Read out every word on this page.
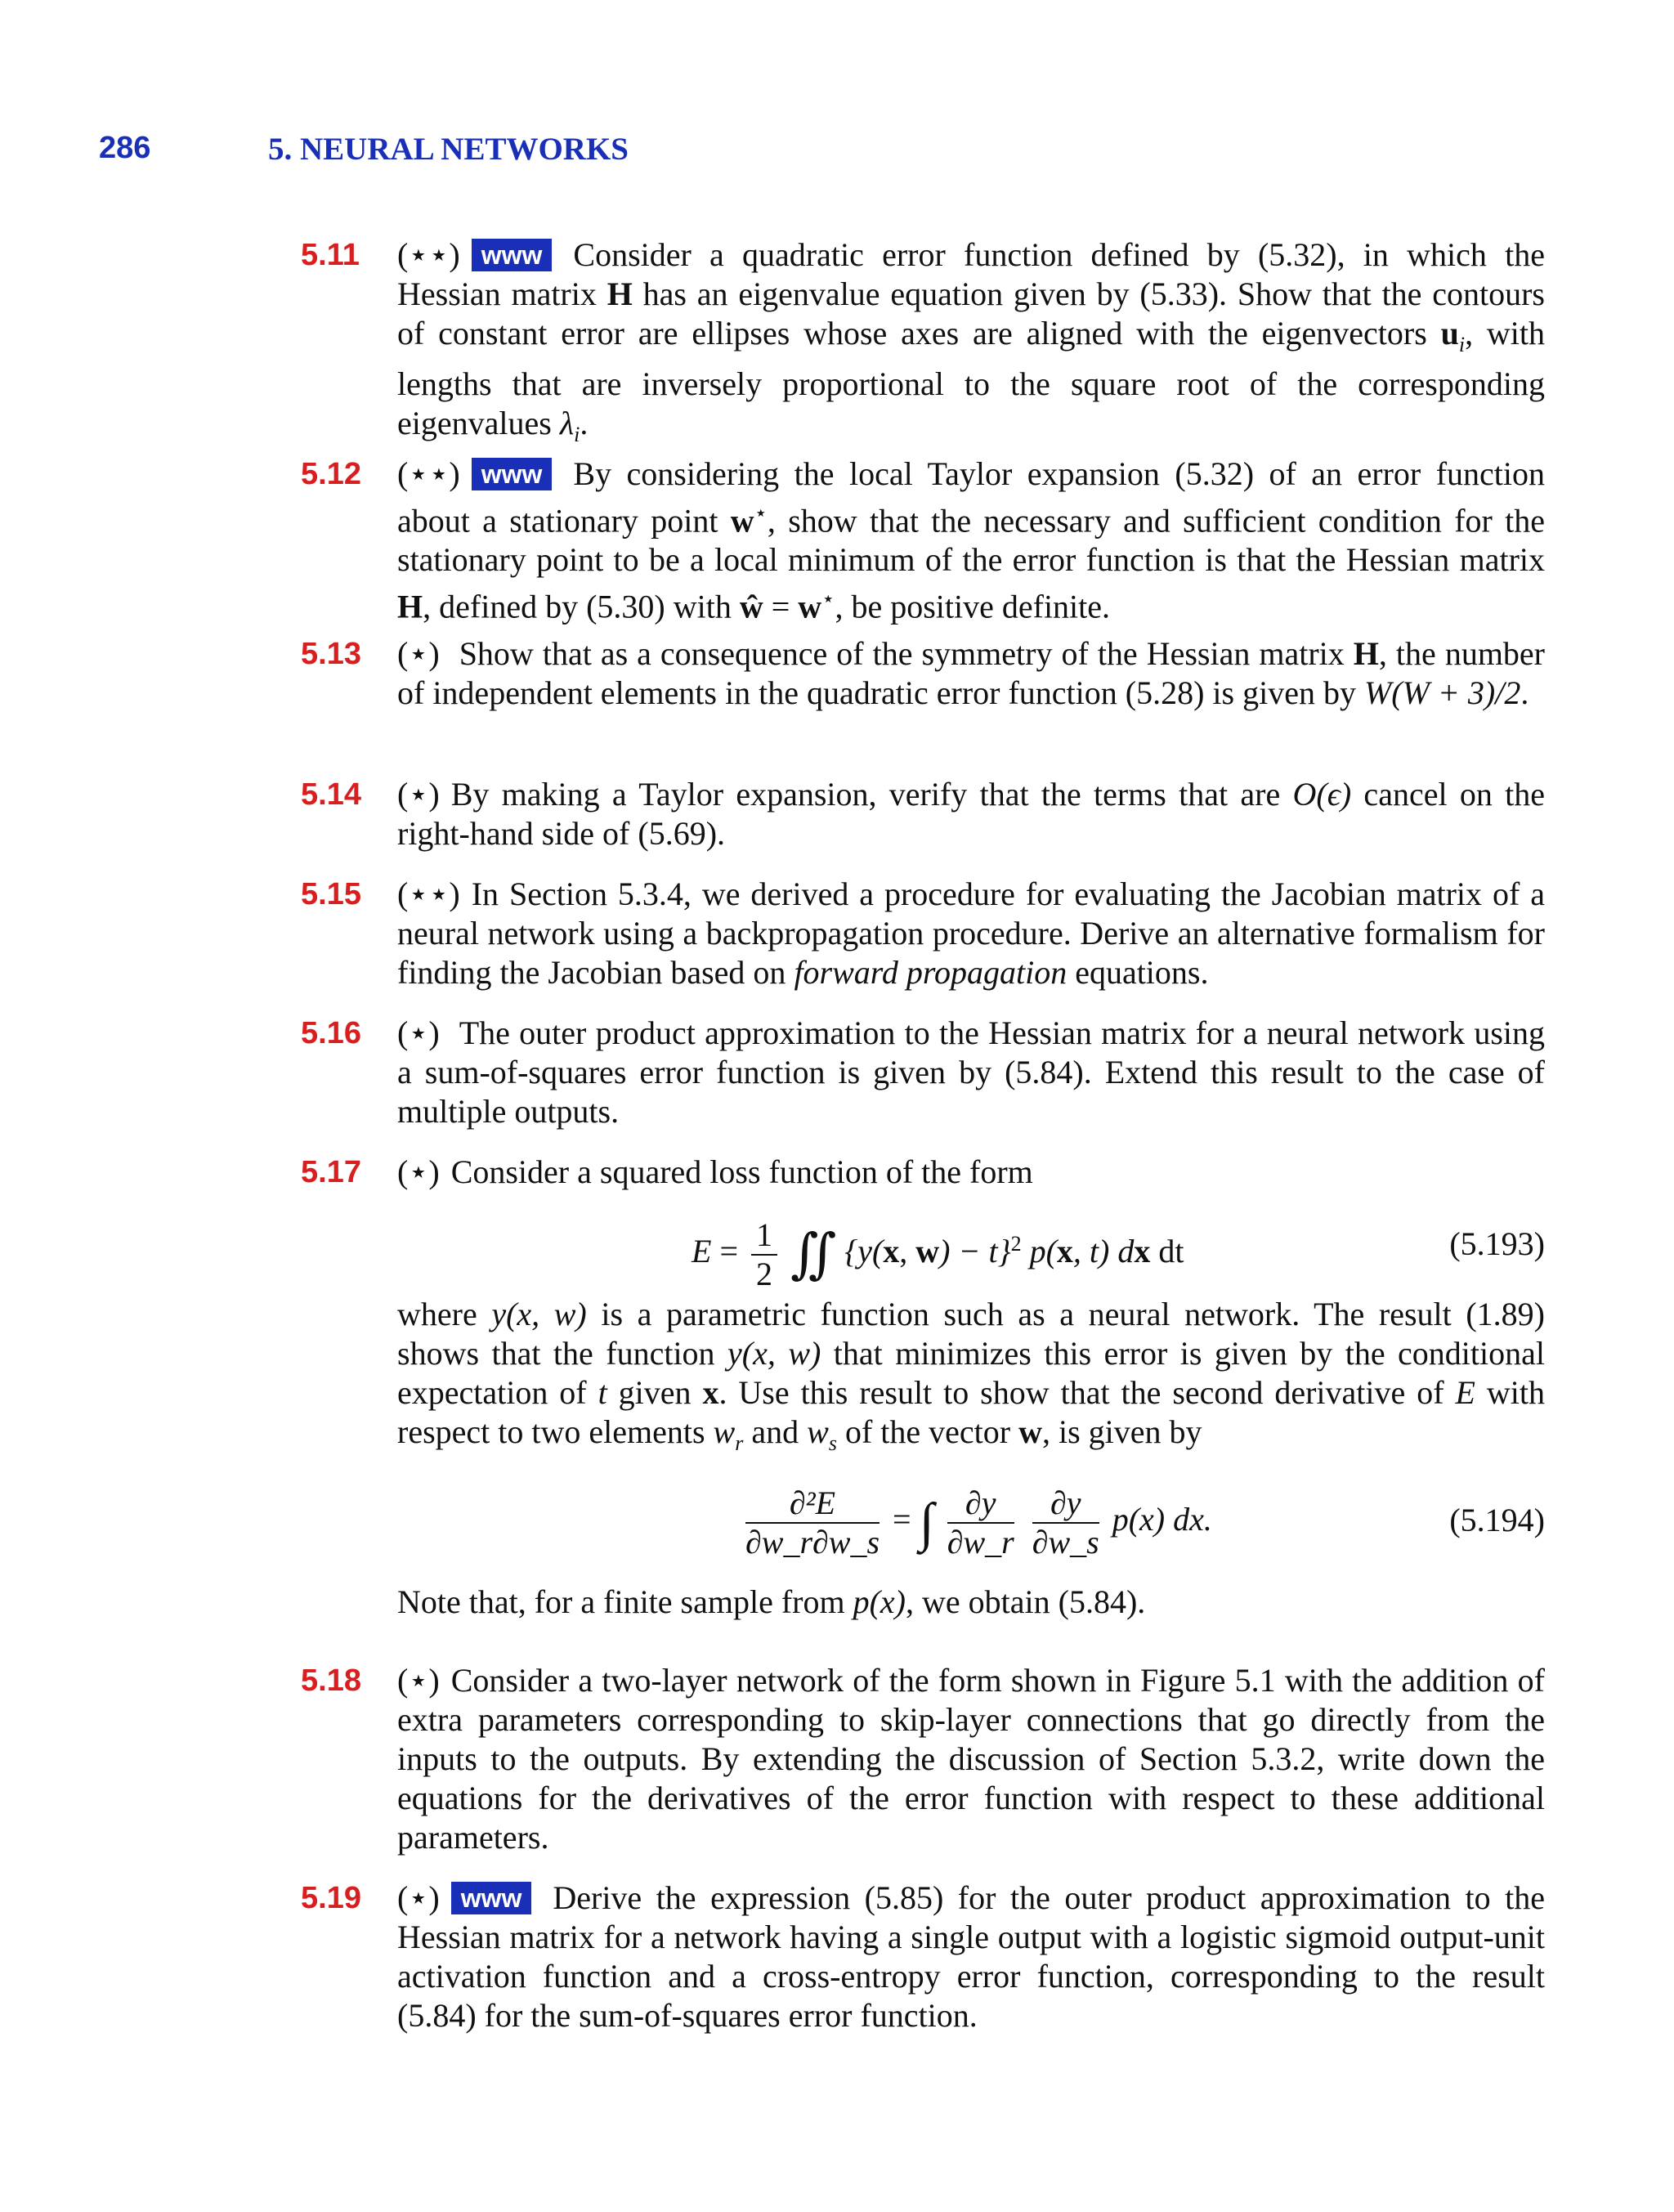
286	5. NEURAL NETWORKS
5.11 (⋆⋆) www Consider a quadratic error function defined by (5.32), in which the Hessian matrix H has an eigenvalue equation given by (5.33). Show that the contours of constant error are ellipses whose axes are aligned with the eigenvectors $u_i$, with lengths that are inversely proportional to the square root of the corresponding eigenvalues $\lambda_i$.
5.12 (⋆⋆) www By considering the local Taylor expansion (5.32) of an error function about a stationary point w⋆, show that the necessary and sufficient condition for the stationary point to be a local minimum of the error function is that the Hessian matrix H, defined by (5.30) with ŵ = w⋆, be positive definite.
5.13 (⋆) Show that as a consequence of the symmetry of the Hessian matrix H, the number of independent elements in the quadratic error function (5.28) is given by W(W + 3)/2.
5.14 (⋆) By making a Taylor expansion, verify that the terms that are O(ϵ) cancel on the right-hand side of (5.69).
5.15 (⋆⋆) In Section 5.3.4, we derived a procedure for evaluating the Jacobian matrix of a neural network using a backpropagation procedure. Derive an alternative formalism for finding the Jacobian based on forward propagation equations.
5.16 (⋆) The outer product approximation to the Hessian matrix for a neural network using a sum-of-squares error function is given by (5.84). Extend this result to the case of multiple outputs.
5.17 (⋆) Consider a squared loss function of the form
$E = \frac{1}{2}$ ∬ {y(x, w) − t}$^2$ p(x, t) dx dt	(5.193)
where y(x, w) is a parametric function such as a neural network. The result (1.89) shows that the function y(x, w) that minimizes this error is given by the conditional expectation of t given x. Use this result to show that the second derivative of E with respect to two elements $w_r$ and $w_s$ of the vector w, is given by
$\frac{\text{∂²E}}{\partial w\_r\partial w\_s}$ = ∫ $\frac{\partial y}{\partial w\_r}$
$\frac{\partial y}{\partial w\_s} p(x)$ dx.	(5.194)
Note that, for a finite sample from p(x), we obtain (5.84).
5.18 (⋆) Consider a two-layer network of the form shown in Figure 5.1 with the addition of extra parameters corresponding to skip-layer connections that go directly from the inputs to the outputs. By extending the discussion of Section 5.3.2, write down the equations for the derivatives of the error function with respect to these additional parameters.
5.19 (⋆) www Derive the expression (5.85) for the outer product approximation to the Hessian matrix for a network having a single output with a logistic sigmoid output-unit activation function and a cross-entropy error function, corresponding to the result (5.84) for the sum-of-squares error function.
